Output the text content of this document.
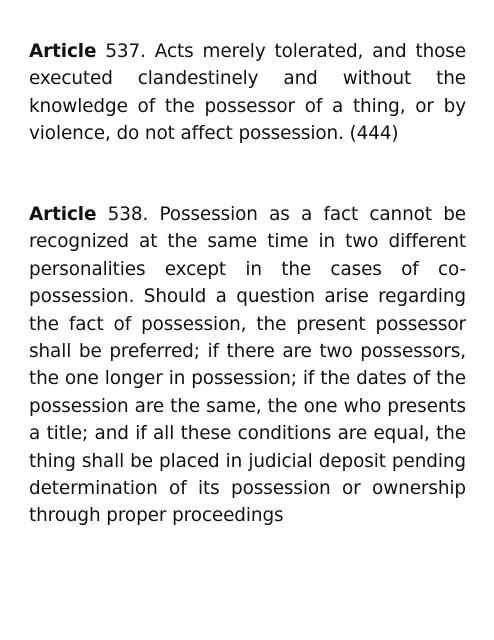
Article 537. Acts merely tolerated, and those
executed clandestinely and without the
knowledge of the possessor of a thing, or by
violence, do not affect possession. (444)
Article 538. Possession as a fact cannot be
recognized at the same time in two different
personalities except in the cases of co-
possession. Should a question arise regarding
the fact of possession, the present possessor
shall be preferred; if there are two possessors,
the one longer in possession; if the dates of the
possession are the same, the one who presents
a title; and if all these conditions are equal, the
thing shall be placed in judicial deposit pending
determination of its possession or ownership
through proper proceedings
